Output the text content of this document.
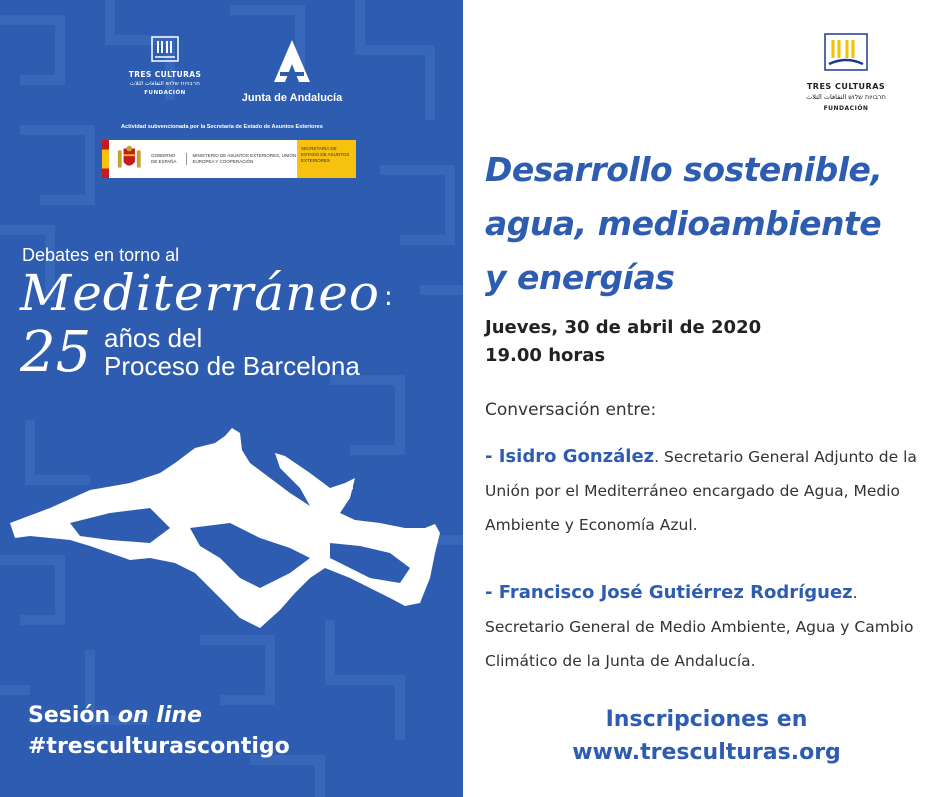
TRES CULTURAS
תרבויות שלוש الثقافات الثلاث
FUNDACIÓN	Junta de Andalucía
Actividad subvencionada por la Secretaría de Estado de Asuntos Exteriores
GOBIERNO DE ESPAÑA
MINISTERIO DE ASUNTOS EXTERIORES, UNIÓN EUROPEA Y COOPERACIÓN
SECRETARÍA DE ESTADO DE ASUNTOS EXTERIORES
Debates en torno al
Mediterráneo :
25 años del
Proceso de Barcelona
Sesión on line
#tresculturascontigo
TRES CULTURAS
תרבויות שלוש الثقافات الثلاث
FUNDACIÓN
Desarrollo sostenible,
agua, medioambiente
y energías
Jueves, 30 de abril de 2020
19.00 horas
Conversación entre:
- Isidro González. Secretario General Adjunto de la Unión por el Mediterráneo encargado de Agua, Medio Ambiente y Economía Azul.
- Francisco José Gutiérrez Rodríguez. Secretario General de Medio Ambiente, Agua y Cambio Climático de la Junta de Andalucía.
Inscripciones en
www.tresculturas.org
